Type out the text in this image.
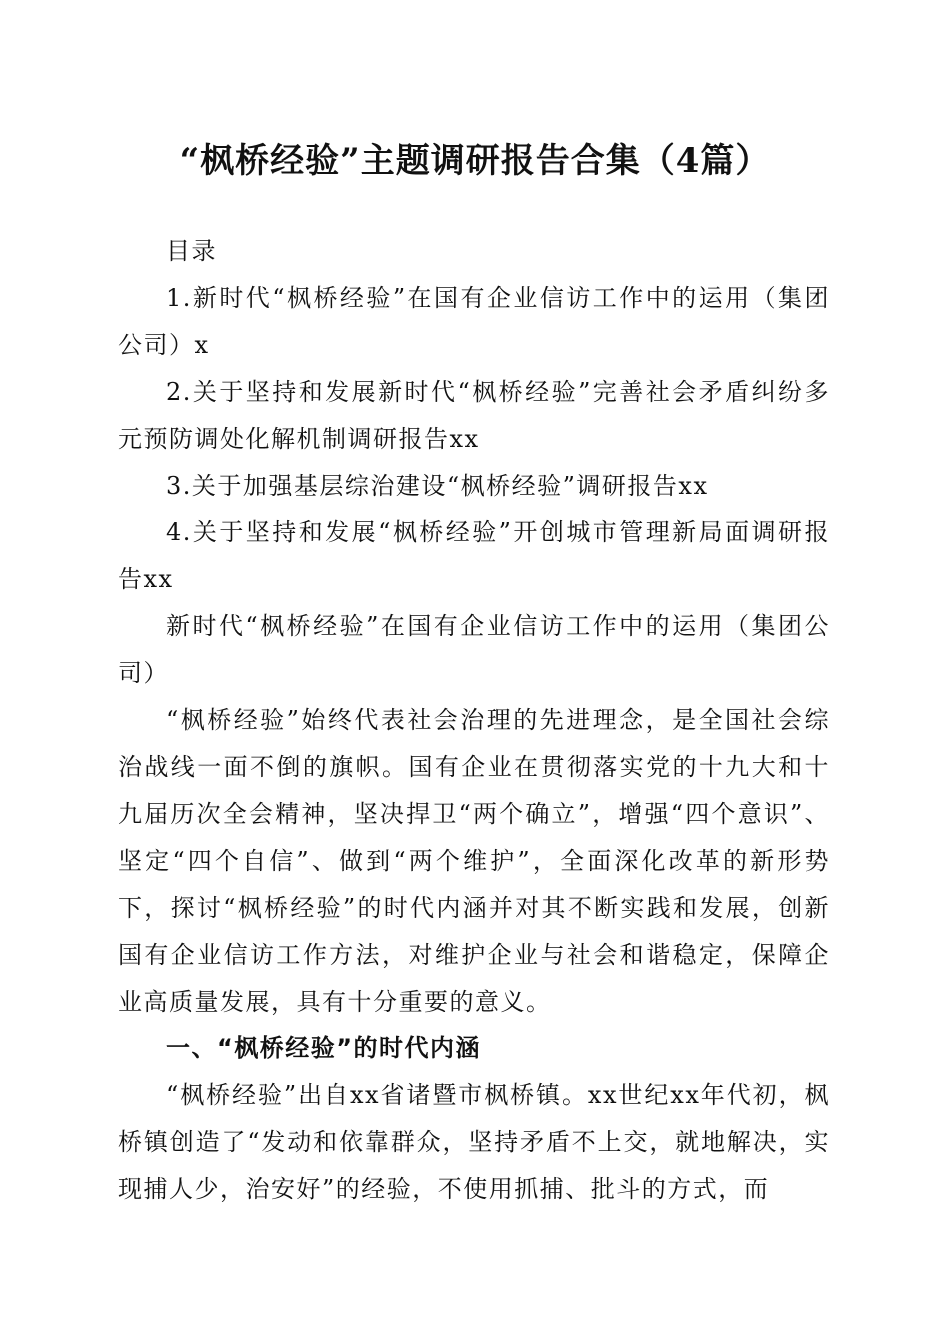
“枫桥经验”主题调研报告合集（4篇）

目录

1.新时代“枫桥经验”在国有企业信访工作中的运用（集团公司）x

2.关于坚持和发展新时代“枫桥经验”完善社会矛盾纠纷多元预防调处化解机制调研报告xx

3.关于加强基层综治建设“枫桥经验”调研报告xx

4.关于坚持和发展“枫桥经验”开创城市管理新局面调研报告xx

新时代“枫桥经验”在国有企业信访工作中的运用（集团公司）

“枫桥经验”始终代表社会治理的先进理念，是全国社会综治战线一面不倒的旗帜。国有企业在贯彻落实党的十九大和十九届历次全会精神，坚决捍卫“两个确立”，增强“四个意识”、坚定“四个自信”、做到“两个维护”，全面深化改革的新形势下，探讨“枫桥经验”的时代内涵并对其不断实践和发展，创新国有企业信访工作方法，对维护企业与社会和谐稳定，保障企业高质量发展，具有十分重要的意义。

一、“枫桥经验”的时代内涵

“枫桥经验”出自xx省诸暨市枫桥镇。xx世纪xx年代初，枫桥镇创造了“发动和依靠群众，坚持矛盾不上交，就地解决，实现捕人少，治安好”的经验，不使用抓捕、批斗的方式，而
